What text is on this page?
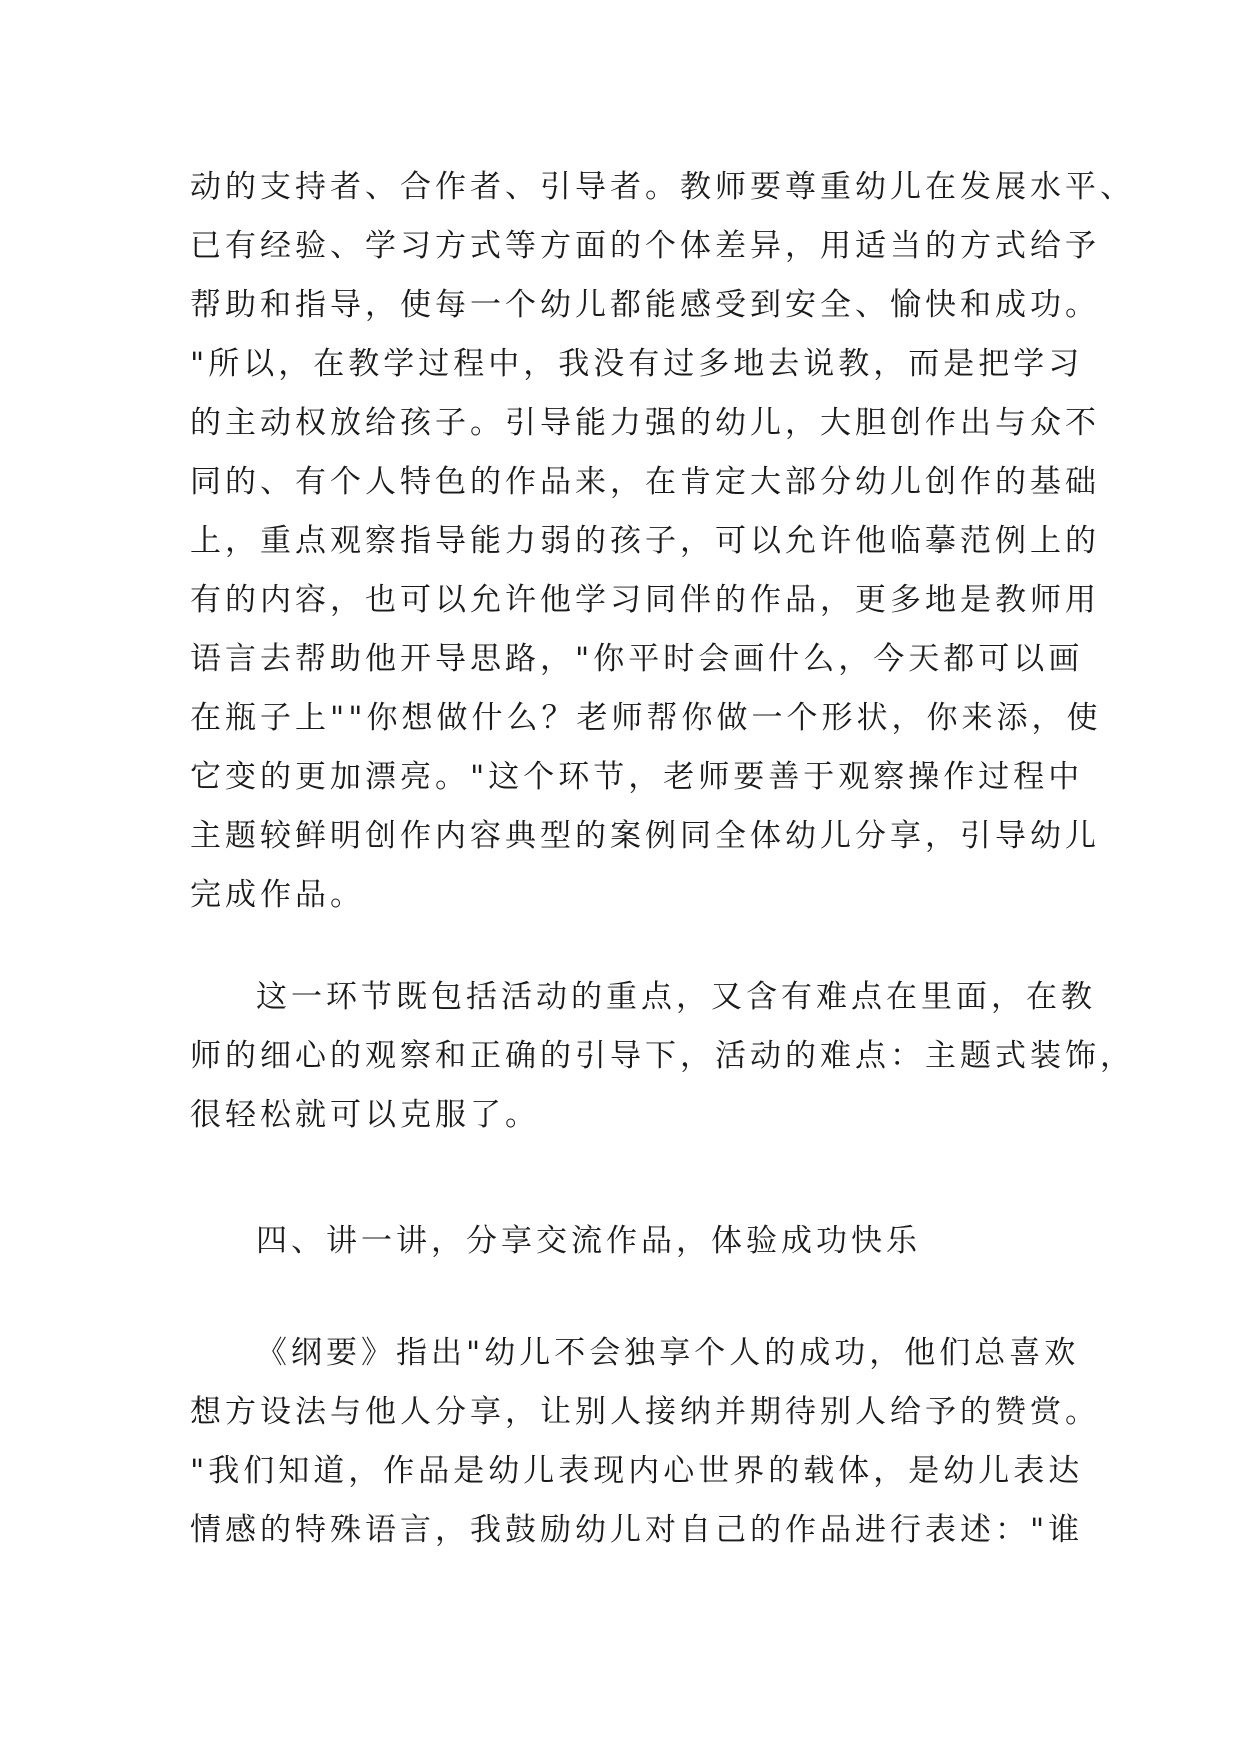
动的支持者、合作者、引导者。教师要尊重幼儿在发展水平、
已有经验、学习方式等方面的个体差异，用适当的方式给予
帮助和指导，使每一个幼儿都能感受到安全、愉快和成功。
"所以，在教学过程中，我没有过多地去说教，而是把学习
的主动权放给孩子。引导能力强的幼儿，大胆创作出与众不
同的、有个人特色的作品来，在肯定大部分幼儿创作的基础
上，重点观察指导能力弱的孩子，可以允许他临摹范例上的
有的内容，也可以允许他学习同伴的作品，更多地是教师用
语言去帮助他开导思路，"你平时会画什么，今天都可以画
在瓶子上""你想做什么？老师帮你做一个形状，你来添，使
它变的更加漂亮。"这个环节，老师要善于观察操作过程中
主题较鲜明创作内容典型的案例同全体幼儿分享，引导幼儿
完成作品。
这一环节既包括活动的重点，又含有难点在里面，在教
师的细心的观察和正确的引导下，活动的难点：主题式装饰，
很轻松就可以克服了。
四、讲一讲，分享交流作品，体验成功快乐
《纲要》指出"幼儿不会独享个人的成功，他们总喜欢
想方设法与他人分享，让别人接纳并期待别人给予的赞赏。
"我们知道，作品是幼儿表现内心世界的载体，是幼儿表达
情感的特殊语言，我鼓励幼儿对自己的作品进行表述："谁
